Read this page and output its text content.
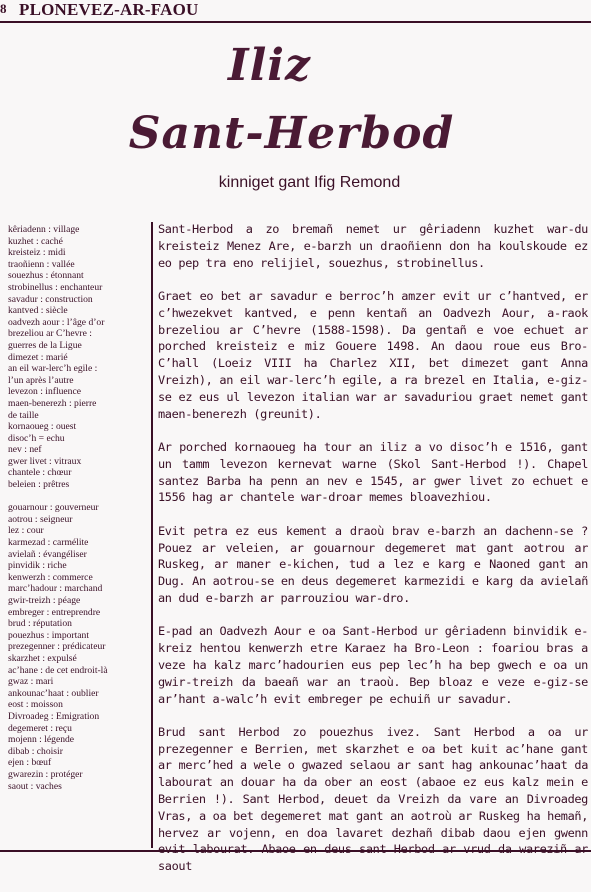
8 PLONEVEZ-AR-FAOU
Iliz
Sant-Herbod
kinniget gant Ifig Remond
kêriadenn : village
kuzhet : caché
kreisteiz : midi
traoñienn : vallée
souezhus : étonnant
strobinellus : enchanteur
savadur : construction
kantved : siècle
oadvezh aour : l’âge d’or
brezeliou ar C’hevre :
guerres de la Ligue
dimezet : marié
an eil war-lerc’h egile :
l’un après l’autre
levezon : influence
maen-benerezh : pierre
de taille
kornaoueg : ouest
disoc’h = echu
nev : nef
gwer livet : vitraux
chantele : chœur
beleien : prêtres
gouarnour : gouverneur
aotrou : seigneur
lez : cour
karmezad : carmélite
avielañ : évangéliser
pinvidik : riche
kenwerzh : commerce
marc’hadour : marchand
gwir-treizh : péage
embreger : entreprendre
brud : réputation
pouezhus : important
prezegenner : prédicateur
skarzhet : expulsé
ac’hane : de cet endroit-là
gwaz : mari
ankounac’haat : oublier
eost : moisson
Divroadeg : Emigration
degemeret : reçu
mojenn : légende
dibab : choisir
ejen : bœuf
gwarezin : protéger
saout : vaches

Sant-Herbod a zo bremañ nemet ur gêriadenn kuzhet war-du kreisteiz Menez Are, e-barzh un draoñienn don ha koulskoude ez eo pep tra eno relijiel, souezhus, strobinellus.

Graet eo bet ar savadur e berroc’h amzer evit ur c’hantved, er c’hwezekvet kantved, e penn kentañ an Oadvezh Aour, a-raok brezeliou ar C’hevre (1588-1598). Da gentañ e voe echuet ar porched kreisteiz e miz Gouere 1498. An daou roue eus Bro-C’hall (Loeiz VIII ha Charlez XII, bet dimezet gant Anna Vreizh), an eil war-lerc’h egile, a ra brezel en Italia, e-giz-se ez eus ul levezon italian war ar savaduriou graet nemet gant maen-benerezh (greunit).

Ar porched kornaoueg ha tour an iliz a vo disoc’h e 1516, gant un tamm levezon kernevat warne (Skol Sant-Herbod !). Chapel santez Barba ha penn an nev e 1545, ar gwer livet zo echuet e 1556 hag ar chantele war-droar memes bloavezhiou.

Evit petra ez eus kement a draoù brav e-barzh an dachenn-se ? Pouez ar veleien, ar gouarnour degemeret mat gant aotrou ar Ruskeg, ar maner e-kichen, tud a lez e karg e Naoned gant an Dug. An aotrou-se en deus degemeret karmezidi e karg da avielañ an dud e-barzh ar parrouziou war-dro.

E-pad an Oadvezh Aour e oa Sant-Herbod ur gêriadenn binvidik e-kreiz hentou kenwerzh etre Karaez ha Bro-Leon : foariou bras a veze ha kalz marc’hadourien eus pep lec’h ha bep gwech e oa un gwir-treizh da baeañ war an traoù. Bep bloaz e veze e-giz-se ar’hant a-walc’h evit embreger pe echuiñ ur savadur.

Brud sant Herbod zo pouezhus ivez. Sant Herbod a oa ur prezegenner e Berrien, met skarzhet e oa bet kuit ac’hane gant ar merc’hed a wele o gwazed selaou ar sant hag ankounac’haat da labourat an douar ha da ober an eost (abaoe ez eus kalz mein e Berrien !). Sant Herbod, deuet da Vreizh da vare an Divroadeg Vras, a oa bet degemeret mat gant an aotroù ar Ruskeg ha hemañ, hervez ar vojenn, en doa lavaret dezhañ dibab daou ejen gwenn saout
